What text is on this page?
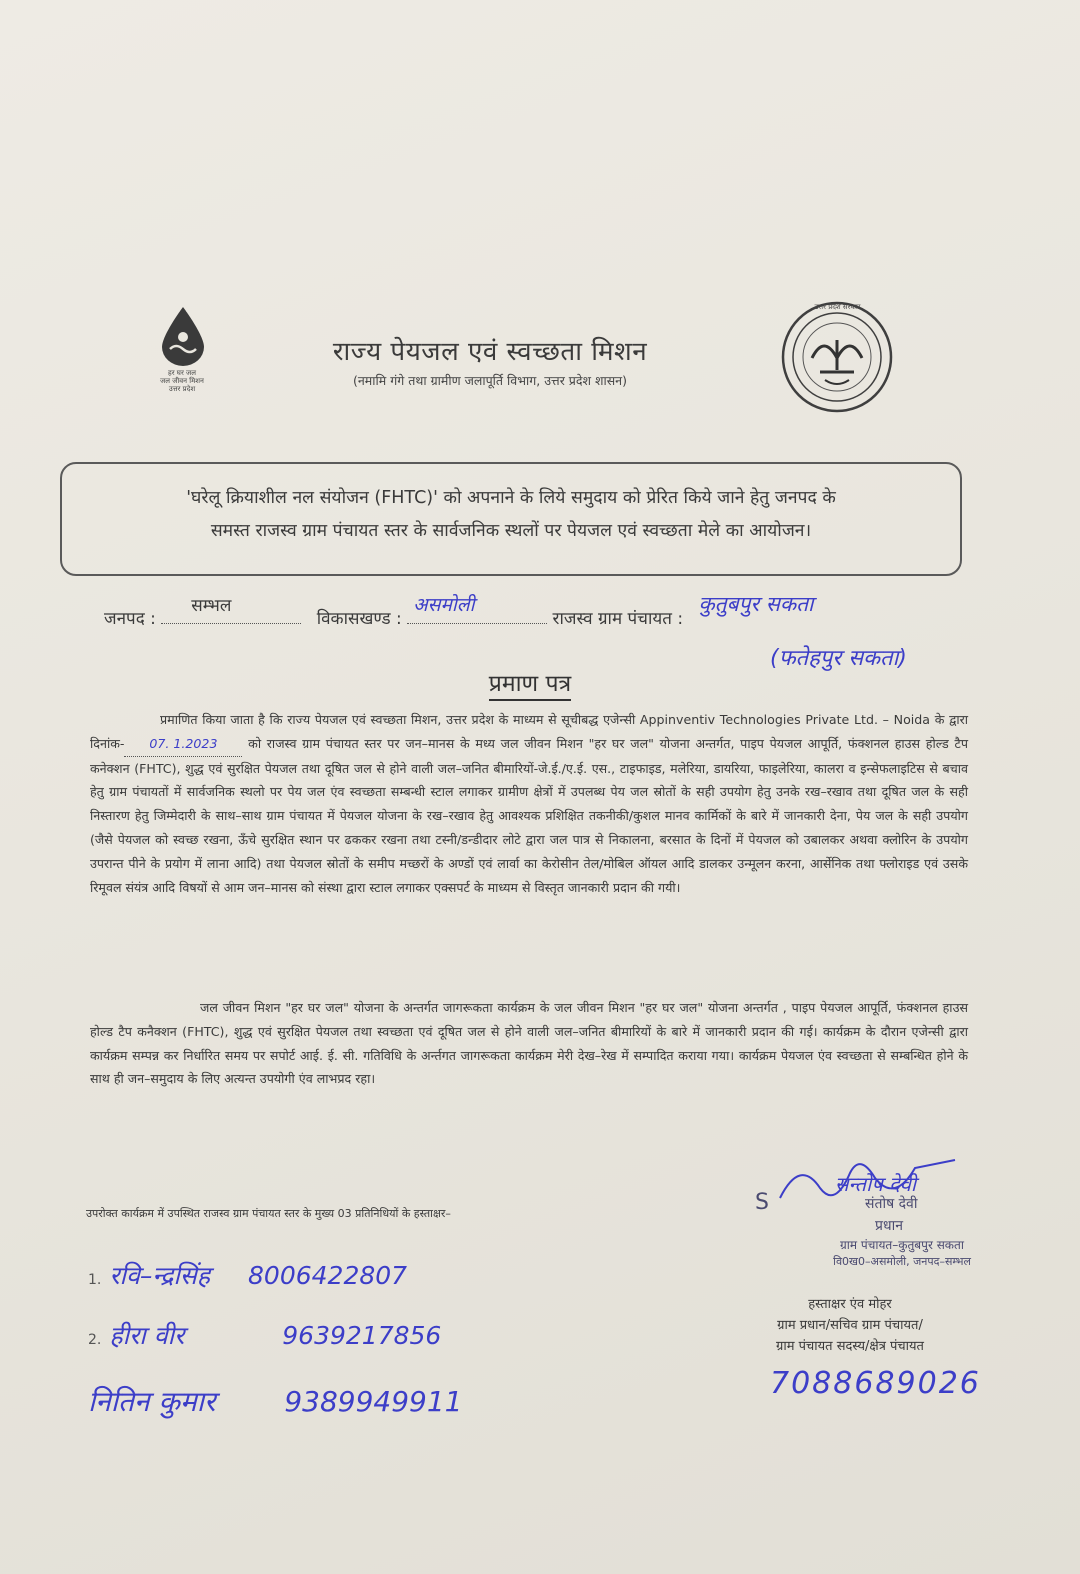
हर घर जल
जल जीवन मिशन
उत्तर प्रदेश
राज्य पेयजल एवं स्वच्छता मिशन
(नमामि गंगे तथा ग्रामीण जलापूर्ति विभाग, उत्तर प्रदेश शासन)
उत्तर प्रदेश सरकार
'घरेलू क्रियाशील नल संयोजन (FHTC)' को अपनाने के लिये समुदाय को प्रेरित किये जाने हेतु जनपद के
समस्त राजस्व ग्राम पंचायत स्तर के सार्वजनिक स्थलों पर पेयजल एवं स्वच्छता मेले का आयोजन।
जनपद :
सम्भल
विकासखण्ड :
असमोली
राजस्व ग्राम पंचायत :
कुतुबपुर सकता
(फतेहपुर सकता)
प्रमाण पत्र
प्रमाणित किया जाता है कि राज्य पेयजल एवं स्वच्छता मिशन, उत्तर प्रदेश के माध्यम से सूचीबद्ध एजेन्सी Appinventiv Technologies Private Ltd. – Noida के द्वारा दिनांक- 07. 1.2023 को राजस्व ग्राम पंचायत स्तर पर जन–मानस के मध्य जल जीवन मिशन "हर घर जल" योजना अन्तर्गत, पाइप पेयजल आपूर्ति, फंक्शनल हाउस होल्ड टैप कनेक्शन (FHTC), शुद्ध एवं सुरक्षित पेयजल तथा दूषित जल से होने वाली जल–जनित बीमारियों-जे.ई./ए.ई. एस., टाइफाइड, मलेरिया, डायरिया, फाइलेरिया, कालरा व इन्सेफलाइटिस से बचाव हेतु ग्राम पंचायतों में सार्वजनिक स्थलो पर पेय जल एंव स्वच्छता सम्बन्धी स्टाल लगाकर ग्रामीण क्षेत्रों में उपलब्ध पेय जल स्रोतों के सही उपयोग हेतु उनके रख–रखाव तथा दूषित जल के सही निस्तारण हेतु जिम्मेदारी के साथ–साथ ग्राम पंचायत में पेयजल योजना के रख–रखाव हेतु आवश्यक प्रशिक्षित तकनीकी/कुशल मानव कार्मिकों के बारे में जानकारी देना, पेय जल के सही उपयोग (जैसे पेयजल को स्वच्छ रखना, ऊँचे सुरक्षित स्थान पर ढककर रखना तथा टस्नी/डन्डीदार लोटे द्वारा जल पात्र से निकालना, बरसात के दिनों में पेयजल को उबालकर अथवा क्लोरिन के उपयोग उपरान्त पीने के प्रयोग में लाना आदि) तथा पेयजल स्रोतों के समीप मच्छरों के अण्डों एवं लार्वा का केरोसीन तेल/मोबिल ऑयल आदि डालकर उन्मूलन करना, आर्सेनिक तथा फ्लोराइड एवं उसके रिमूवल संयंत्र आदि विषयों से आम जन–मानस को संस्था द्वारा स्टाल लगाकर एक्सपर्ट के माध्यम से विस्तृत जानकारी प्रदान की गयी।
जल जीवन मिशन "हर घर जल" योजना के अन्तर्गत जागरूकता कार्यक्रम के जल जीवन मिशन "हर घर जल" योजना अन्तर्गत , पाइप पेयजल आपूर्ति, फंक्शनल हाउस होल्ड टैप कनैक्शन (FHTC), शुद्ध एवं सुरक्षित पेयजल तथा स्वच्छता एवं दूषित जल से होने वाली जल–जनित बीमारियों के बारे में जानकारी प्रदान की गई। कार्यक्रम के दौरान एजेन्सी द्वारा कार्यक्रम सम्पन्न कर निर्धारित समय पर सपोर्ट आई. ई. सी. गतिविधि के अर्न्तगत जागरूकता कार्यक्रम मेरी देख–रेख में सम्पादित कराया गया। कार्यक्रम पेयजल एंव स्वच्छता से सम्बन्धित होने के साथ ही जन–समुदाय के लिए अत्यन्त उपयोगी एंव लाभप्रद रहा।
उपरोक्त कार्यक्रम में उपस्थित राजस्व ग्राम पंचायत स्तर के मुख्य 03 प्रतिनिधियों के हस्ताक्षर–
1. रवि–न्द्रसिंह 8006422807
2. हीरा वीर	9639217856
नितिन कुमार 9389949911
S
सन्तोष देवी
संतोष देवी
प्रधान
ग्राम पंचायत–कुतुबपुर सकता
वि0ख0–असमोली, जनपद–सम्भल
हस्ताक्षर एंव मोहर
ग्राम प्रधान/सचिव ग्राम पंचायत/
ग्राम पंचायत सदस्य/क्षेत्र पंचायत
7088689026
